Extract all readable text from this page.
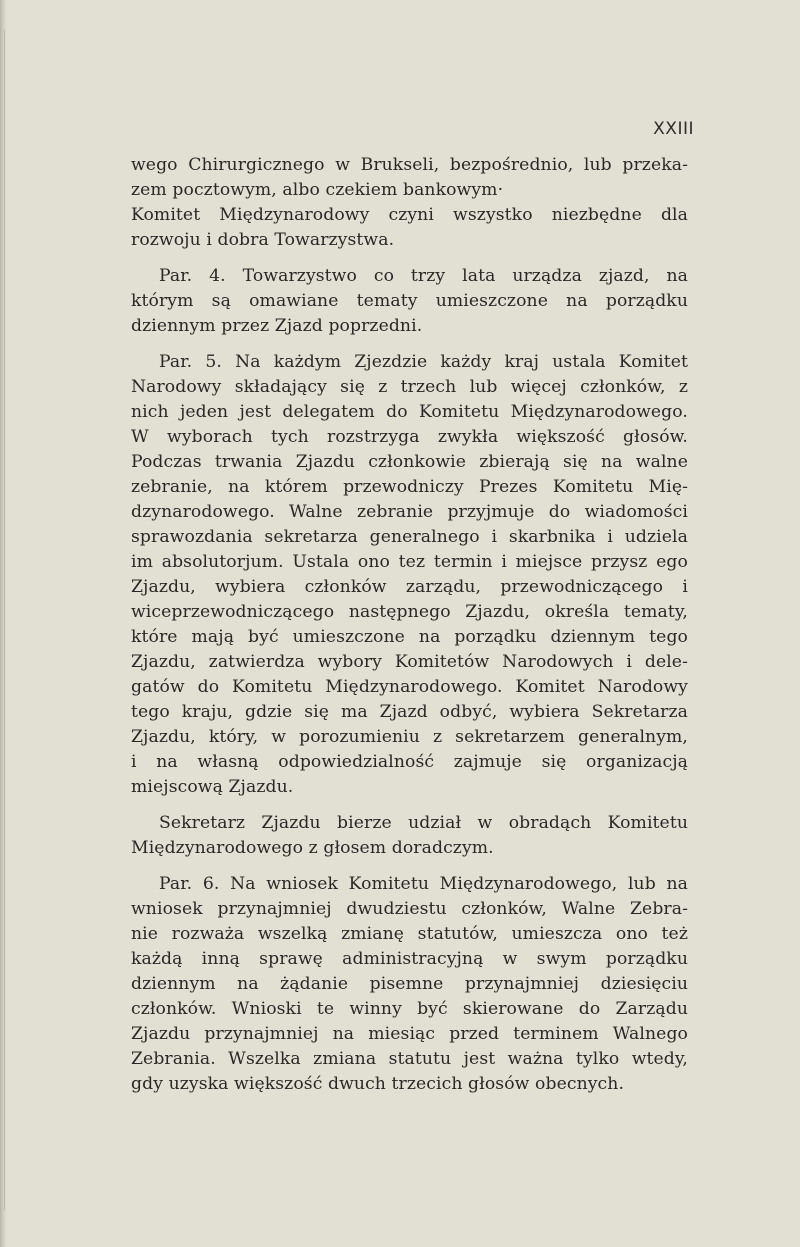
XXIII

wego Chirurgicznego w Brukseli, bezpośrednio, lub przeka-
zem pocztowym, albo czekiem bankowym·
Komitet Międzynarodowy czyni wszystko niezbędne dla
rozwoju i dobra Towarzystwa.

Par. 4. Towarzystwo co trzy lata urządza zjazd, na
którym są omawiane tematy umieszczone na porządku
dziennym przez Zjazd poprzedni.

Par. 5. Na każdym Zjezdzie każdy kraj ustala Komitet
Narodowy składający się z trzech lub więcej członków, z
nich jeden jest delegatem do Komitetu Międzynarodowego.
W wyborach tych rozstrzyga zwykła większość głosów.
Podczas trwania Zjazdu członkowie zbierają się na walne
zebranie, na którem przewodniczy Prezes Komitetu Mię-
dzynarodowego. Walne zebranie przyjmuje do wiadomości
sprawozdania sekretarza generalnego i skarbnika i udziela
im absolutorjum. Ustala ono tez termin i miejsce przysz ego
Zjazdu, wybiera członków zarządu, przewodniczącego i
wiceprzewodniczącego następnego Zjazdu, określa tematy,
które mają być umieszczone na porządku dziennym tego
Zjazdu, zatwierdza wybory Komitetów Narodowych i dele-
gatów do Komitetu Międzynarodowego. Komitet Narodowy
tego kraju, gdzie się ma Zjazd odbyć, wybiera Sekretarza
Zjazdu, który, w porozumieniu z sekretarzem generalnym,
i na własną odpowiedzialność zajmuje się organizacją
miejscową Zjazdu.

Sekretarz Zjazdu bierze udział w obradąch Komitetu
Międzynarodowego z głosem doradczym.

Par. 6. Na wniosek Komitetu Międzynarodowego, lub na
wniosek przynajmniej dwudziestu członków, Walne Zebra-
nie rozważa wszelką zmianę statutów, umieszcza ono też
każdą inną sprawę administracyjną w swym porządku
dziennym na żądanie pisemne przynajmniej dziesięciu
członków. Wnioski te winny być skierowane do Zarządu
Zjazdu przynajmniej na miesiąc przed terminem Walnego
Zebrania. Wszelka zmiana statutu jest ważna tylko wtedy,
gdy uzyska większość dwuch trzecich głosów obecnych.
